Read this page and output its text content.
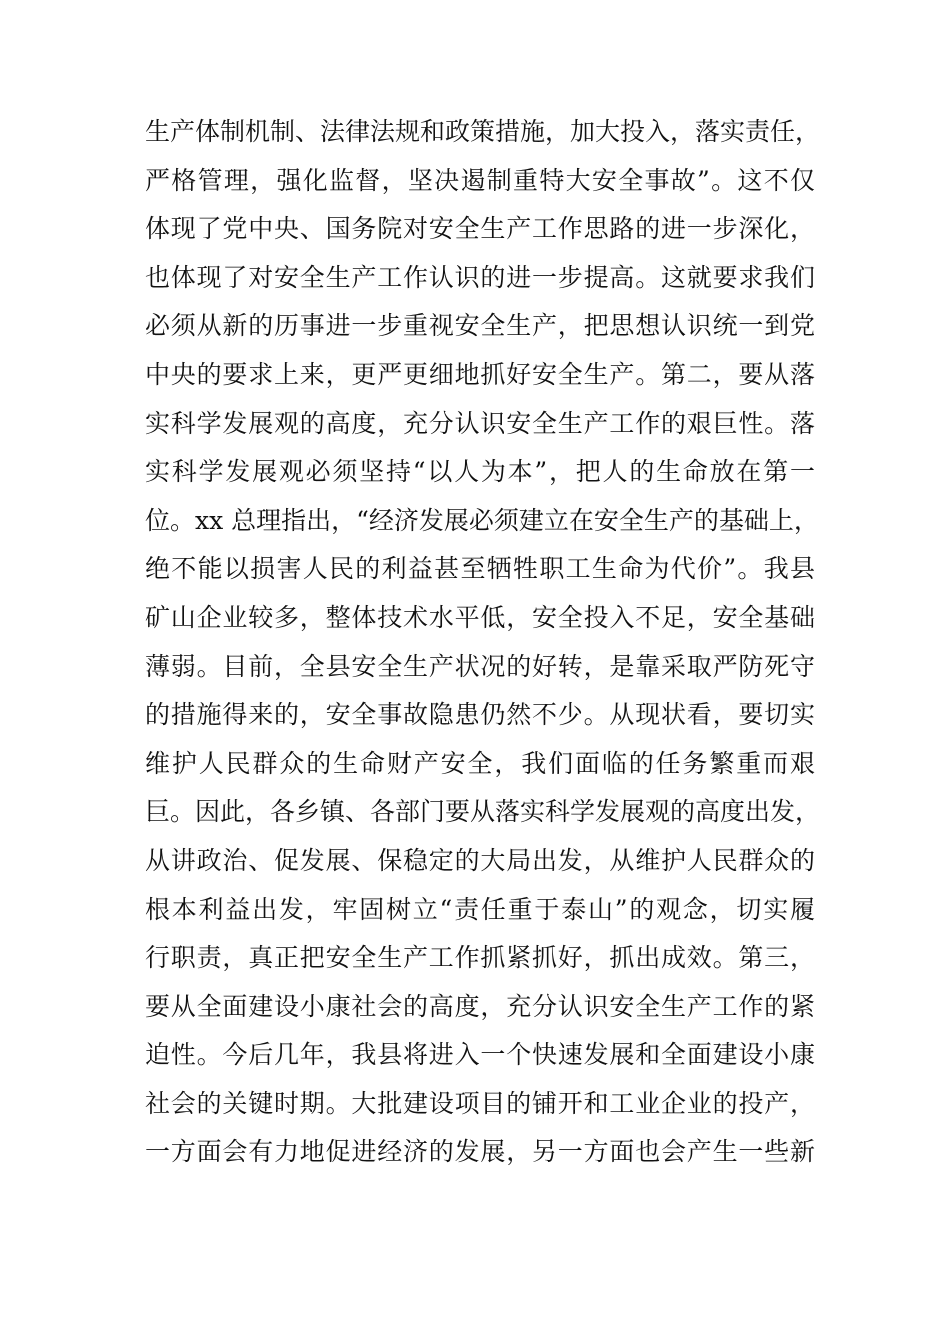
生产体制机制、法律法规和政策措施，加大投入，落实责任，
严格管理，强化监督，坚决遏制重特大安全事故”。这不仅
体现了党中央、国务院对安全生产工作思路的进一步深化，
也体现了对安全生产工作认识的进一步提高。这就要求我们
必须从新的历事进一步重视安全生产，把思想认识统一到党
中央的要求上来，更严更细地抓好安全生产。第二，要从落
实科学发展观的高度，充分认识安全生产工作的艰巨性。落
实科学发展观必须坚持“以人为本”，把人的生命放在第一
位。xx 总理指出，“经济发展必须建立在安全生产的基础上，
绝不能以损害人民的利益甚至牺牲职工生命为代价”。我县
矿山企业较多，整体技术水平低，安全投入不足，安全基础
薄弱。目前，全县安全生产状况的好转，是靠采取严防死守
的措施得来的，安全事故隐患仍然不少。从现状看，要切实
维护人民群众的生命财产安全，我们面临的任务繁重而艰
巨。因此，各乡镇、各部门要从落实科学发展观的高度出发，
从讲政治、促发展、保稳定的大局出发，从维护人民群众的
根本利益出发，牢固树立“责任重于泰山”的观念，切实履
行职责，真正把安全生产工作抓紧抓好，抓出成效。第三，
要从全面建设小康社会的高度，充分认识安全生产工作的紧
迫性。今后几年，我县将进入一个快速发展和全面建设小康
社会的关键时期。大批建设项目的铺开和工业企业的投产，
一方面会有力地促进经济的发展，另一方面也会产生一些新
